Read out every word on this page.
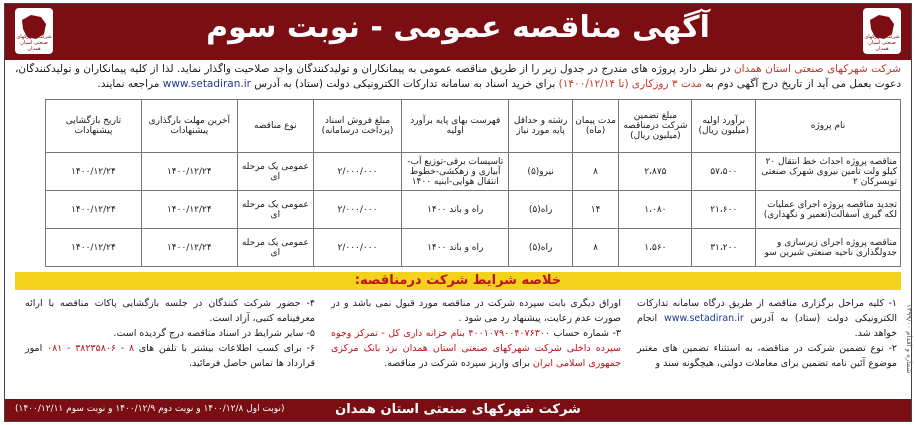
شرکت شهرکهای صنعتی استان همدان
آگهی مناقصه عمومی - نوبت سوم
شرکت شهرکهای صنعتی استان همدان
شرکت شهرکهای صنعتی استان همدان در نظر دارد پروژه های مندرج در جدول زیر را از طریق مناقصه عمومی به پیمانکاران و تولیدکنندگان واجد صلاحیت واگذار نماید. لذا از کلیه پیمانکاران و تولیدکنندگان، دعوت بعمل می آید از تاریخ درج آگهی دوم به مدت ۳ روزکاری (تا ۱۴۰۰/۱۲/۱۴) برای خرید اسناد به سامانه تدارکات الکترونیکی دولت (ستاد) به آدرس www.setadiran.ir مراجعه نمایند.
نام پروژه	برآورد اولیه (میلیون ریال)	مبلغ تضمین شرکت درمناقصه (میلیون ریال)	مدت پیمان (ماه)	رشته و حداقل پایه مورد نیاز	فهرست بهای پایه برآورد اولیه	مبلغ فروش اسناد (پرداخت درسامانه)	نوع مناقصه	آخرین مهلت بارگذاری پیشنهادات	تاریخ بازگشایی پیشنهادات
مناقصه پروژه احداث خط انتقال ۲۰ کیلو ولت تامین نیروی شهرک صنعتی تویسرکان ۲	۵۷،۵۰۰	۲،۸۷۵	۸	نیرو(۵)	تاسیسات برقی-توزیع آب-آبیاری و زهکشی-خطوط انتقال هوایی-ابنیه ۱۴۰۰	۲/۰۰۰/۰۰۰	عمومی یک مرحله ای	۱۴۰۰/۱۲/۲۴	۱۴۰۰/۱۲/۲۴
تجدید مناقصه پروژه اجرای عملیات لکه گیری آسفالت(تعمیر و نگهداری)	۲۱،۶۰۰	۱،۰۸۰	۱۴	راه(۵)	راه و باند ۱۴۰۰	۲/۰۰۰/۰۰۰	عمومی یک مرحله ای	۱۴۰۰/۱۲/۲۴	۱۴۰۰/۱۲/۲۴
مناقصه پروژه اجرای زیرسازی و جدولگذاری ناحیه صنعتی شیرین سو	۳۱،۲۰۰	۱،۵۶۰	۸	راه(۵)	راه و باند ۱۴۰۰	۲/۰۰۰/۰۰۰	عمومی یک مرحله ای	۱۴۰۰/۱۲/۲۴	۱۴۰۰/۱۲/۲۴
خلاصه شرایط شرکت درمناقصه:
۱- کلیه مراحل برگزاری مناقصه از طریق درگاه سامانه تدارکات الکترونیکی دولت (ستاد) به آدرس www.setadiran.ir انجام خواهد شد.
۲- نوع تضمین شرکت در مناقصه، به استثناء تضمین های معتبر موضوع آئین نامه تضمین برای معاملات دولتی، هیچگونه سند و
اوراق دیگری بابت سپرده شرکت در مناقصه مورد قبول نمی باشد و در صورت عدم رعایت، پیشنهاد رد می شود .
۳- شماره حساب ۴۰۰۱۰۷۹۰۰۴۰۷۶۳۰۰ بنام خزانه داری کل - تمرکز وجوه سپرده داخلی شرکت شهرکهای صنعتی استان همدان نزد بانک مرکزی جمهوری اسلامی ایران برای واریز سپرده شرکت در مناقصه.
۴- حضور شرکت کنندگان در جلسه بازگشایی پاکات مناقصه با ارائه معرفینامه کتبی، آزاد است.
۵- سایر شرایط در اسناد مناقصه درج گردیده است.
۶- برای کسب اطلاعات بیشتر با تلفن های ۸ - ۳۸۲۳۵۸۰۶ - ۰۸۱ امور قرارداد ها تماس حاصل فرمائید.
شماره و اقدام ۱۳۹۹/۰۰
شرکت شهرکهای صنعتی استان همدان
(نوبت اول ۱۴۰۰/۱۲/۸ و نوبت دوم ۱۴۰۰/۱۲/۹ و نوبت سوم ۱۴۰۰/۱۲/۱۱)
